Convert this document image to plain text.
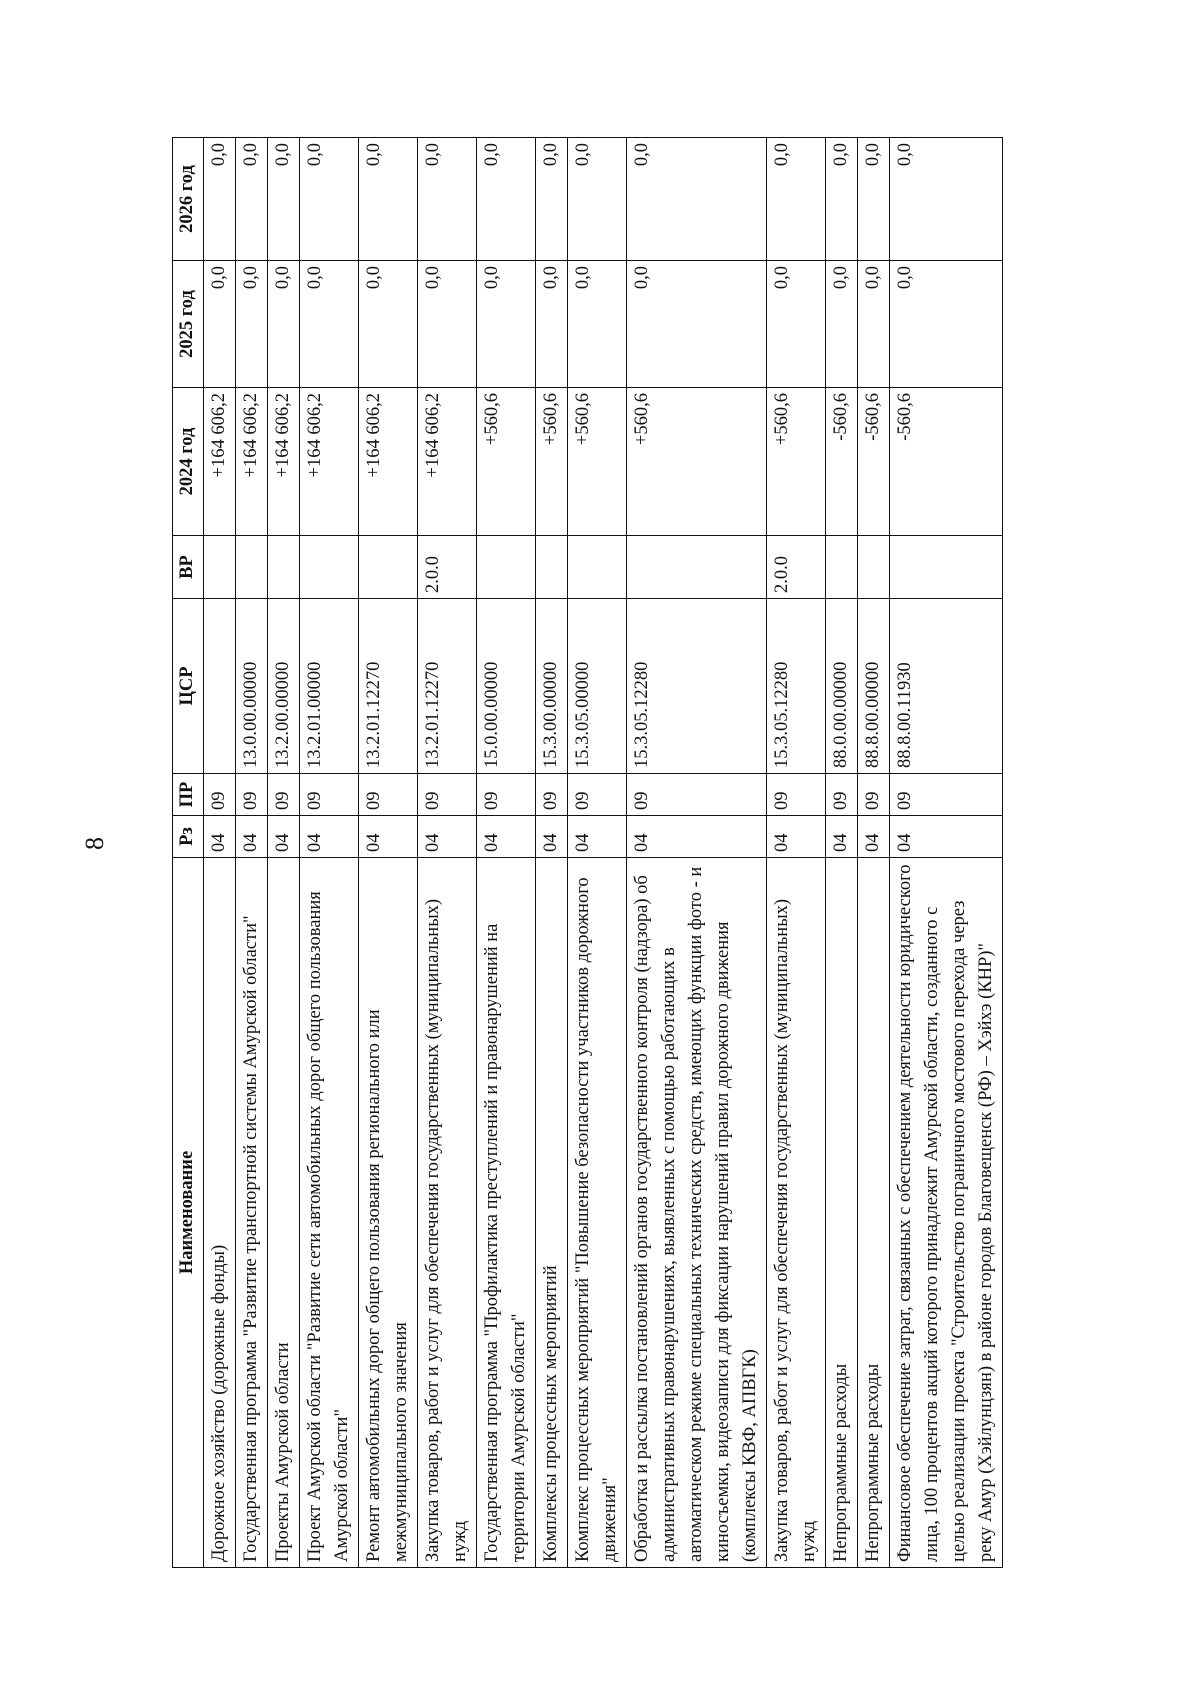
8
Наименование	Рз	ПР	ЦСР	ВР	2024 год	2025 год	2026 год
Дорожное хозяйство (дорожные фонды)	04	09			+164 606,2	0,0	0,0
Государственная программа "Развитие транспортной системы Амурской области"	04	09	13.0.00.00000		+164 606,2	0,0	0,0
Проекты Амурской области	04	09	13.2.00.00000		+164 606,2	0,0	0,0
Проект Амурской области "Развитие сети автомобильных дорог общего пользования Амурской области"	04	09	13.2.01.00000		+164 606,2	0,0	0,0
Ремонт автомобильных дорог общего пользования регионального или межмуниципального значения	04	09	13.2.01.12270		+164 606,2	0,0	0,0
Закупка товаров, работ и услуг для обеспечения государственных (муниципальных) нужд	04	09	13.2.01.12270	2.0.0	+164 606,2	0,0	0,0
Государственная программа "Профилактика преступлений и правонарушений на территории Амурской области"	04	09	15.0.00.00000		+560,6	0,0	0,0
Комплексы процессных мероприятий	04	09	15.3.00.00000		+560,6	0,0	0,0
Комплекс процессных мероприятий "Повышение безопасности участников дорожного движения"	04	09	15.3.05.00000		+560,6	0,0	0,0
Обработка и рассылка постановлений органов государственного контроля (надзора) об административных правонарушениях, выявленных с помощью работающих в автоматическом режиме специальных технических средств, имеющих функции фото - и киносъемки, видеозаписи для фиксации нарушений правил дорожного движения (комплексы КВФ, АПВГК)	04	09	15.3.05.12280		+560,6	0,0	0,0
Закупка товаров, работ и услуг для обеспечения государственных (муниципальных) нужд	04	09	15.3.05.12280	2.0.0	+560,6	0,0	0,0
Непрограммные расходы	04	09	88.0.00.00000		-560,6	0,0	0,0
Непрограммные расходы	04	09	88.8.00.00000		-560,6	0,0	0,0
Финансовое обеспечение затрат, связанных с обеспечением деятельности юридического лица, 100 процентов акций которого принадлежит Амурской области, созданного с целью реализации проекта "Строительство пограничного мостового перехода через реку Амур (Хэйлунцзян) в районе городов Благовещенск (РФ) – Хэйхэ (КНР)"	04	09	88.8.00.11930		-560,6	0,0	0,0
